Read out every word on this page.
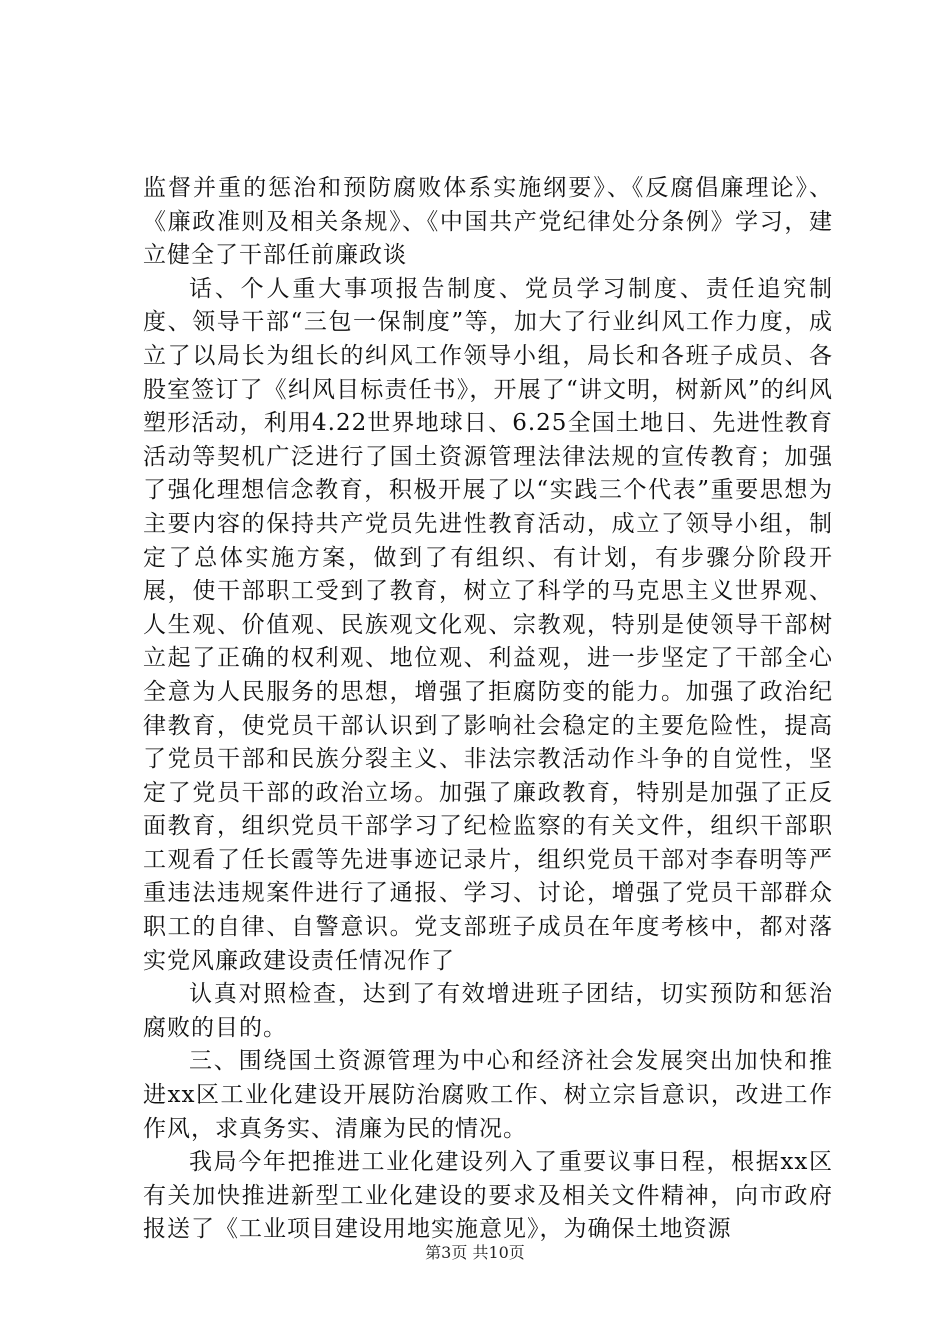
监督并重的惩治和预防腐败体系实施纲要》、《反腐倡廉理论》、《廉政准则及相关条规》、《中国共产党纪律处分条例》学习，建立健全了干部任前廉政谈

话、个人重大事项报告制度、党员学习制度、责任追究制度、领导干部“三包一保制度”等，加大了行业纠风工作力度，成立了以局长为组长的纠风工作领导小组，局长和各班子成员、各股室签订了《纠风目标责任书》，开展了“讲文明，树新风”的纠风塑形活动，利用4.22世界地球日、6.25全国土地日、先进性教育活动等契机广泛进行了国土资源管理法律法规的宣传教育；加强了强化理想信念教育，积极开展了以“实践三个代表”重要思想为主要内容的保持共产党员先进性教育活动，成立了领导小组，制定了总体实施方案，做到了有组织、有计划，有步骤分阶段开展，使干部职工受到了教育，树立了科学的马克思主义世界观、人生观、价值观、民族观文化观、宗教观，特别是使领导干部树立起了正确的权利观、地位观、利益观，进一步坚定了干部全心全意为人民服务的思想，增强了拒腐防变的能力。加强了政治纪律教育，使党员干部认识到了影响社会稳定的主要危险性，提高了党员干部和民族分裂主义、非法宗教活动作斗争的自觉性，坚定了党员干部的政治立场。加强了廉政教育，特别是加强了正反面教育，组织党员干部学习了纪检监察的有关文件，组织干部职工观看了任长霞等先进事迹记录片，组织党员干部对李春明等严重违法违规案件进行了通报、学习、讨论，增强了党员干部群众职工的自律、自警意识。党支部班子成员在年度考核中，都对落实党风廉政建设责任情况作了

认真对照检查，达到了有效增进班子团结，切实预防和惩治腐败的目的。

三、围绕国土资源管理为中心和经济社会发展突出加快和推进xx区工业化建设开展防治腐败工作、树立宗旨意识，改进工作作风，求真务实、清廉为民的情况。

我局今年把推进工业化建设列入了重要议事日程，根据xx区有关加快推进新型工业化建设的要求及相关文件精神，向市政府报送了《工业项目建设用地实施意见》，为确保土地资源

第3页 共10页
